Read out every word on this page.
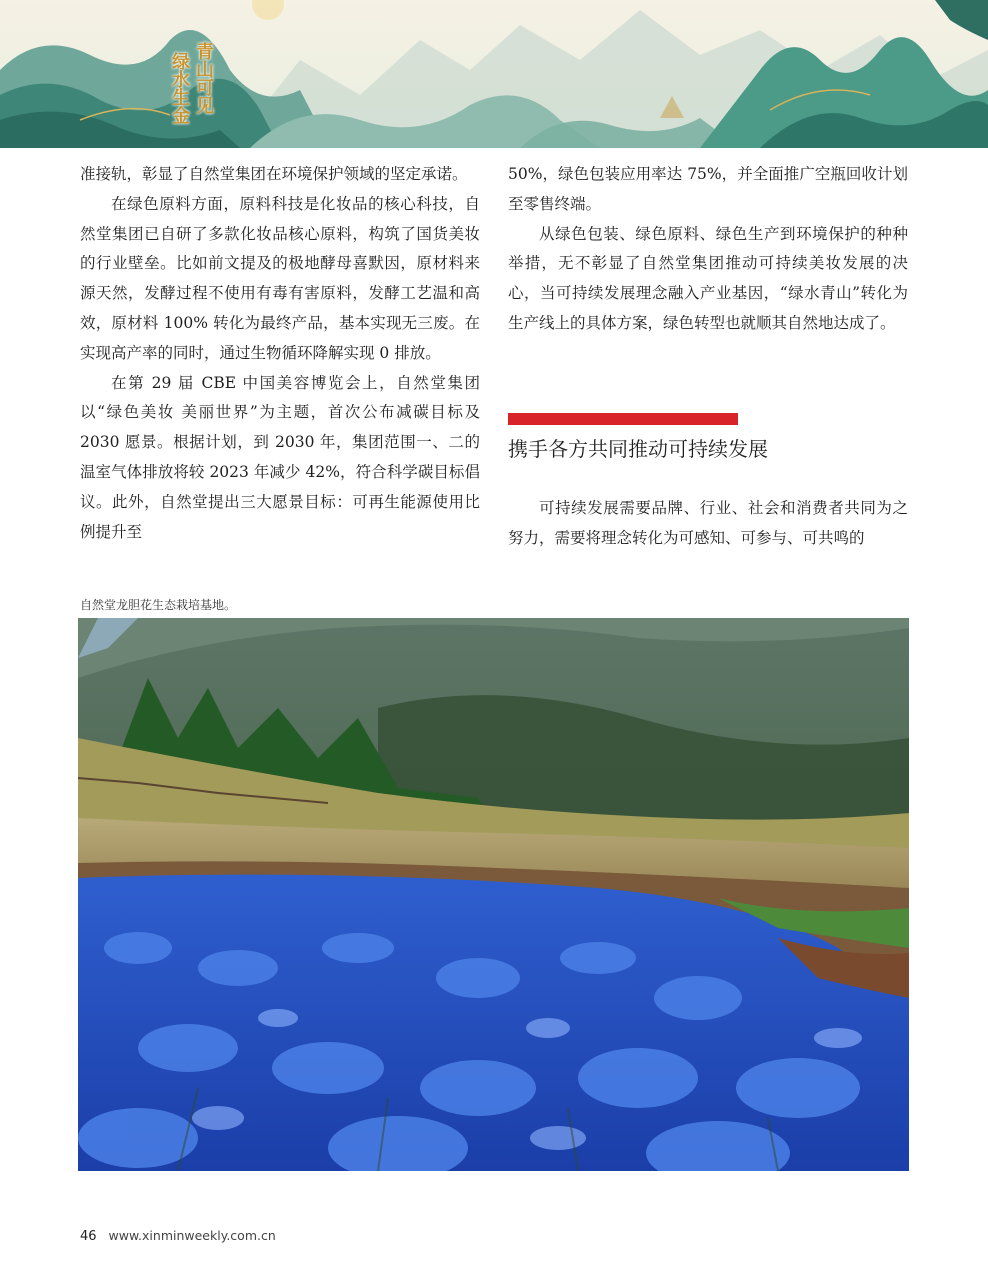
青山可见
绿水生金

准接轨，彰显了自然堂集团在环境保护领域的坚定承诺。

在绿色原料方面，原料科技是化妆品的核心科技，自然堂集团已自研了多款化妆品核心原料，构筑了国货美妆的行业壁垒。比如前文提及的极地酵母喜默因，原材料来源天然，发酵过程不使用有毒有害原料，发酵工艺温和高效，原材料 100% 转化为最终产品，基本实现无三废。在实现高产率的同时，通过生物循环降解实现 0 排放。

在第 29 届 CBE 中国美容博览会上，自然堂集团以“绿色美妆 美丽世界”为主题，首次公布减碳目标及 2030 愿景。根据计划，到 2030 年，集团范围一、二的温室气体排放将较 2023 年减少 42%，符合科学碳目标倡议。此外，自然堂提出三大愿景目标：可再生能源使用比例提升至

50%，绿色包装应用率达 75%，并全面推广空瓶回收计划至零售终端。

从绿色包装、绿色原料、绿色生产到环境保护的种种举措，无不彰显了自然堂集团推动可持续美妆发展的决心，当可持续发展理念融入产业基因，“绿水青山”转化为生产线上的具体方案，绿色转型也就顺其自然地达成了。

携手各方共同推动可持续发展

可持续发展需要品牌、行业、社会和消费者共同为之努力，需要将理念转化为可感知、可参与、可共鸣的

自然堂龙胆花生态栽培基地。
46 www.xinminweekly.com.cn
